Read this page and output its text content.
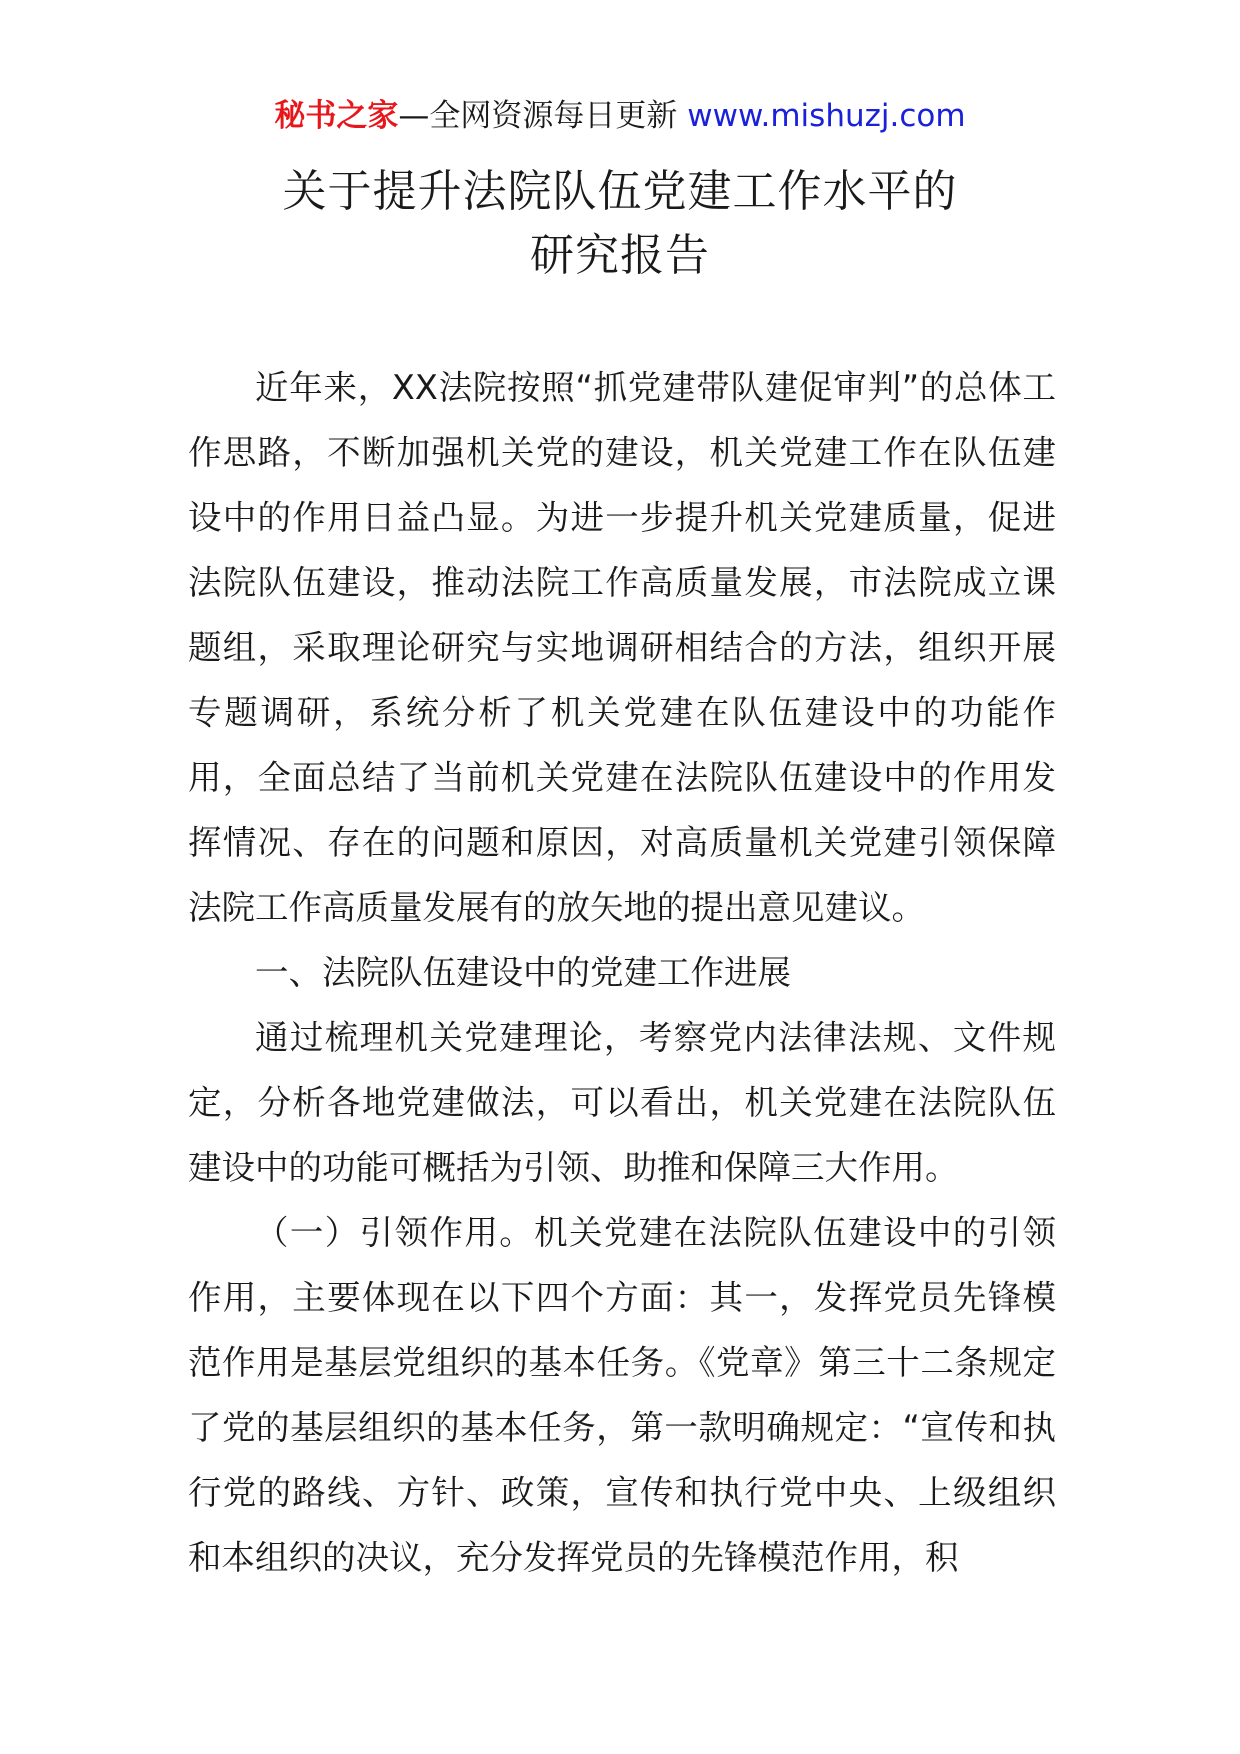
秘书之家—全网资源每日更新 www.mishuzj.com
关于提升法院队伍党建工作水平的
研究报告

近年来，XX法院按照“抓党建带队建促审判”的总体工作思路，不断加强机关党的建设，机关党建工作在队伍建设中的作用日益凸显。为进一步提升机关党建质量，促进法院队伍建设，推动法院工作高质量发展，市法院成立课题组，采取理论研究与实地调研相结合的方法，组织开展专题调研，系统分析了机关党建在队伍建设中的功能作用，全面总结了当前机关党建在法院队伍建设中的作用发挥情况、存在的问题和原因，对高质量机关党建引领保障法院工作高质量发展有的放矢地的提出意见建议。

一、法院队伍建设中的党建工作进展

通过梳理机关党建理论，考察党内法律法规、文件规定，分析各地党建做法，可以看出，机关党建在法院队伍建设中的功能可概括为引领、助推和保障三大作用。

（一）引领作用。机关党建在法院队伍建设中的引领作用，主要体现在以下四个方面：其一，发挥党员先锋模范作用是基层党组织的基本任务。《党章》第三十二条规定了党的基层组织的基本任务，第一款明确规定：“宣传和执行党的路线、方针、政策，宣传和执行党中央、上级组织和本组织的决议，充分发挥党员的先锋模范作用，积
